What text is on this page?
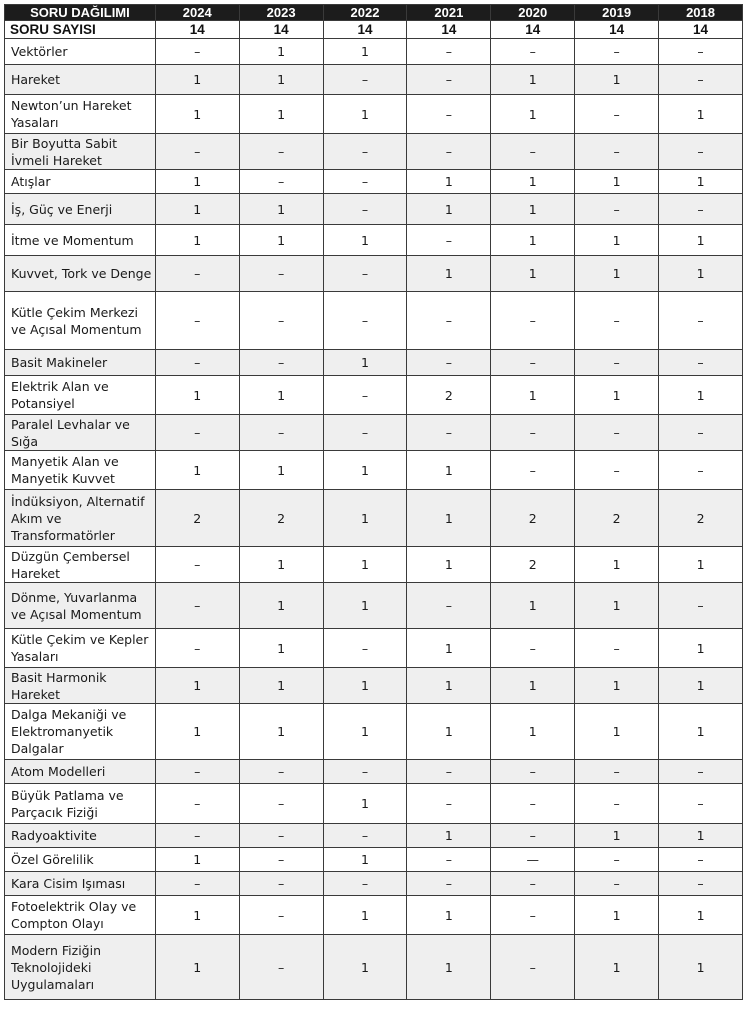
SORU DAĞILIMI	2024	2023	2022	2021	2020	2019	2018
SORU SAYISI	14	14	14	14	14	14	14
Vektörler	–	1	1	–	–	–	–
Hareket	1	1	–	–	1	1	–
Newton’un Hareket Yasaları	1	1	1	–	1	–	1
Bir Boyutta Sabit İvmeli Hareket	–	–	–	–	–	–	–
Atışlar	1	–	–	1	1	1	1
İş, Güç ve Enerji	1	1	–	1	1	–	–
İtme ve Momentum	1	1	1	–	1	1	1
Kuvvet, Tork ve Denge	–	–	–	1	1	1	1
Kütle Çekim Merkezi ve Açısal Momentum	–	–	–	–	–	–	–
Basit Makineler	–	–	1	–	–	–	–
Elektrik Alan ve Potansiyel	1	1	–	2	1	1	1
Paralel Levhalar ve Sığa	–	–	–	–	–	–	–
Manyetik Alan ve Manyetik Kuvvet	1	1	1	1	–	–	–
İndüksiyon, Alternatif Akım ve Transformatörler	2	2	1	1	2	2	2
Düzgün Çembersel Hareket	–	1	1	1	2	1	1
Dönme, Yuvarlanma ve Açısal Momentum	–	1	1	–	1	1	–
Kütle Çekim ve Kepler Yasaları	–	1	–	1	–	–	1
Basit Harmonik Hareket	1	1	1	1	1	1	1
Dalga Mekaniği ve Elektromanyetik Dalgalar	1	1	1	1	1	1	1
Atom Modelleri	–	–	–	–	–	–	–
Büyük Patlama ve Parçacık Fiziği	–	–	1	–	–	–	–
Radyoaktivite	–	–	–	1	–	1	1
Özel Görelilik	1	–	1	–	—	–	–
Kara Cisim Işıması	–	–	–	–	–	–	–
Fotoelektrik Olay ve Compton Olayı	1	–	1	1	–	1	1
Modern Fiziğin Teknolojideki Uygulamaları	1	–	1	1	–	1	1
